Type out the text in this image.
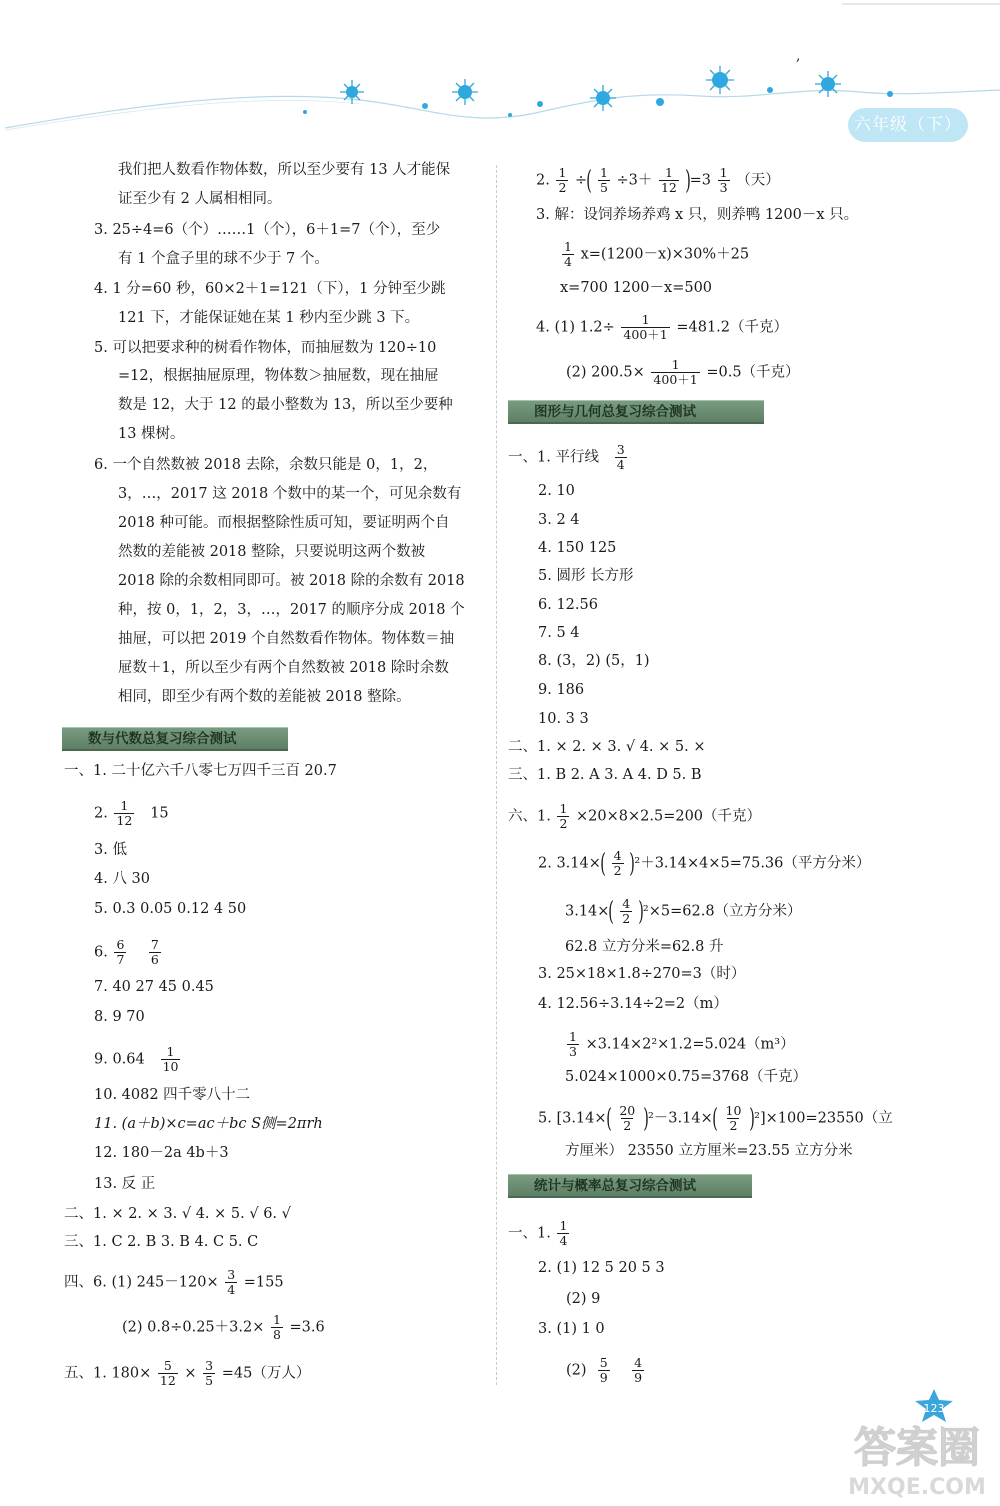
,
六年级（下）
我们把人数看作物体数，所以至少要有 13 人才能保
证至少有 2 人属相相同。
3. 25÷4=6（个）……1（个），6＋1=7（个），至少
有 1 个盒子里的球不少于 7 个。
4. 1 分=60 秒，60×2＋1=121（下），1 分钟至少跳
121 下，才能保证她在某 1 秒内至少跳 3 下。
5. 可以把要求种的树看作物体，而抽屉数为 120÷10
=12，根据抽屉原理，物体数＞抽屉数，现在抽屉
数是 12，大于 12 的最小整数为 13，所以至少要种
13 棵树。
6. 一个自然数被 2018 去除，余数只能是 0，1，2，
3，…，2017 这 2018 个数中的某一个，可见余数有
2018 种可能。而根据整除性质可知，要证明两个自
然数的差能被 2018 整除，只要说明这两个数被
2018 除的余数相同即可。被 2018 除的余数有 2018
种，按 0，1，2，3，…，2017 的顺序分成 2018 个
抽屉，可以把 2019 个自然数看作物体。物体数＝抽
屉数＋1，所以至少有两个自然数被 2018 除时余数
相同，即至少有两个数的差能被 2018 整除。
数与代数总复习综合测试
一、1. 二十亿六千八零七万四千三百 20.7
2. $\frac{1}{12} 15$
3. 低
4. 八 30
5. 0.3 0.05 0.12 4 50
6. $\frac{6}{7}$
$\frac{7}{6}$
7. 40 27 45 0.45
8. 9 70
9. $0.64 \frac{1}{10}$
10. 4082 四千零八十二
11. (a＋b)×c=ac＋bc S侧=2πrh
12. 180－2a 4b＋3
13. 反 正
二、1. × 2. × 3. √ 4. × 5. √ 6. √
三、1. C 2. B 3. B 4. C 5. C
四、6. (1) $245-120\times \frac{3}{4} =155$
(2) $0.8\div 0.25+3.2\times \frac{1}{8} =3.6$
五、1. $180\times \frac{5}{12} \times \frac{3}{5} =45$（万人）
2. $\frac{1}{2}$ ÷( $\frac{1}{5} \div 3+ \frac{1}{12} )=3 \frac{1}{3}$ （天）
3. 解：设饲养场养鸡 x 只，则养鸭 1200－x 只。
$\frac{1}{4} x=(1200-x)\times 30\%+25$
x=700 1200－x=500
4. (1) $1.2\div \frac{1}{400+1} =481.2$（千克）
(2) $200.5\times \frac{1}{400+1} =0.5$（千克）
图形与几何总复习综合测试
一、1. 平行线 $\frac{3}{4}$
2. 10
3. 2 4
4. 150 125
5. 圆形 长方形
6. 12.56
7. 5 4
8. (3，2) (5，1)
9. 186
10. 3 3
二、1. × 2. × 3. √ 4. × 5. ×
三、1. B 2. A 3. A 4. D 5. B
六、1. $\frac{1}{2} \times 20\times 8\times 2.5=200$（千克）
2. $3.14\times( \frac{4}{2} )^2+3.14\times 4\times 5=75.36$（平方分米）
$3.14\times( \frac{4}{2} )^2\times 5=62.8$（立方分米）
62.8 立方分米=62.8 升
3. 25×18×1.8÷270=3（时）
4. 12.56÷3.14÷2=2（m）
$\frac{1}{3} \times 3.14\times 2^2\times 1.2=5.024(m^3)$
5.024×1000×0.75=3768（千克）
5. $[3.14\times( \frac{20}{2} )^2-3.14\times( \frac{10}{2} )^2]\times 100=23550$（立
方厘米） 23550 立方厘米=23.55 立方分米
统计与概率总复习综合测试
一、1. $\frac{1}{4}$
2. (1) 12 5 20 5 3
(2) 9
3. (1) 1 0
$(2) \frac{5}{9}$
$\frac{4}{9}$
123
答案圈
MXQE.COM
